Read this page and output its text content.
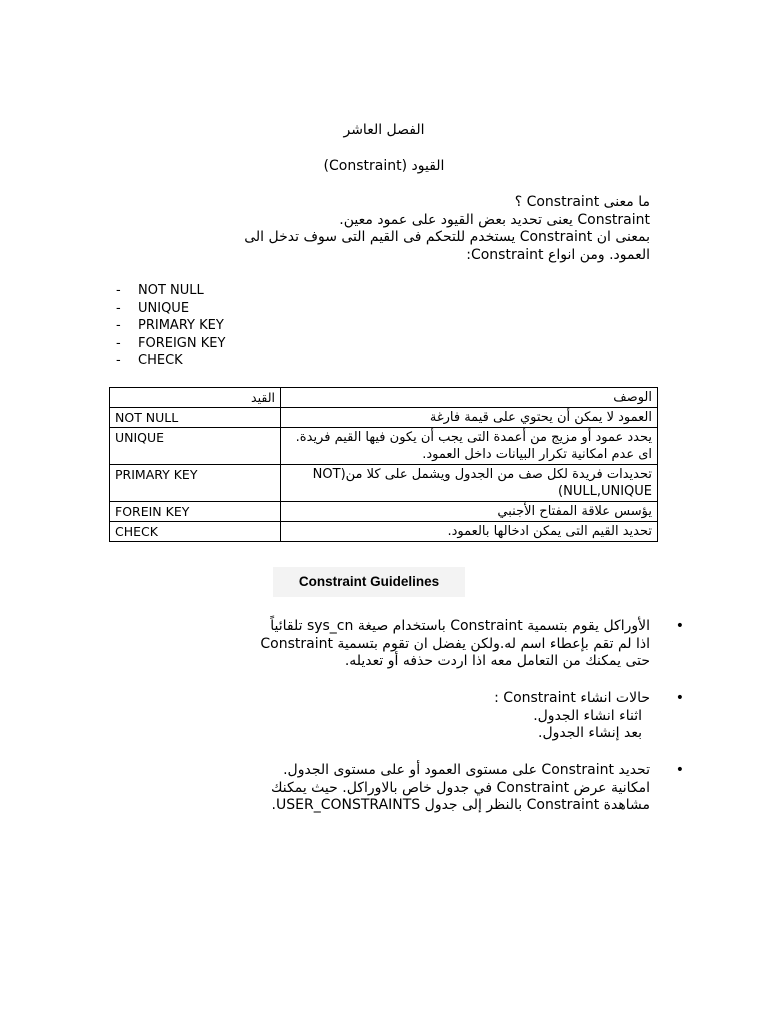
الفصل العاشر
القيود (Constraint)

ما معنى Constraint ؟

Constraint يعنى تحديد بعض القيود على عمود معين.

بمعنى ان Constraint يستخدم للتحكم فى القيم التى سوف تدخل الى

العمود. ومن انواع Constraint:

- NOT NULL
- UNIQUE
- PRIMARY KEY
- FOREIGN KEY
- CHECK
القيد	الوصف
NOT NULL	العمود لا يمكن أن يحتوي على قيمة فارغة
UNIQUE	يحدد عمود أو مزيج من أعمدة التى يجب أن يكون فيها القيم فريدة. اى عدم امكانية تكرار البيانات داخل العمود.
PRIMARY KEY	تحديدات فريدة لكل صف من الجدول ويشمل على كلا من(NOT NULL,UNIQUE)
FOREIN KEY	يؤسس علاقة المفتاح الأجنبي
CHECK	تحديد القيم التى يمكن ادخالها بالعمود.
Constraint Guidelines
•

الأوراكل يقوم بتسمية Constraint باستخدام صيغة sys_cn تلقائياً

اذا لم تقم بإعطاء اسم له.ولكن يفضل ان تقوم بتسمية Constraint

حتى يمكنك من التعامل معه اذا اردت حذفه أو تعديله.

•

حالات انشاء Constraint :

اثناء انشاء الجدول.

بعد إنشاء الجدول.

•

تحديد Constraint على مستوى العمود أو على مستوى الجدول.

امكانية عرض Constraint في جدول خاص بالاوراكل. حيث يمكنك

مشاهدة Constraint بالنظر إلى جدول USER_CONSTRAINTS.
